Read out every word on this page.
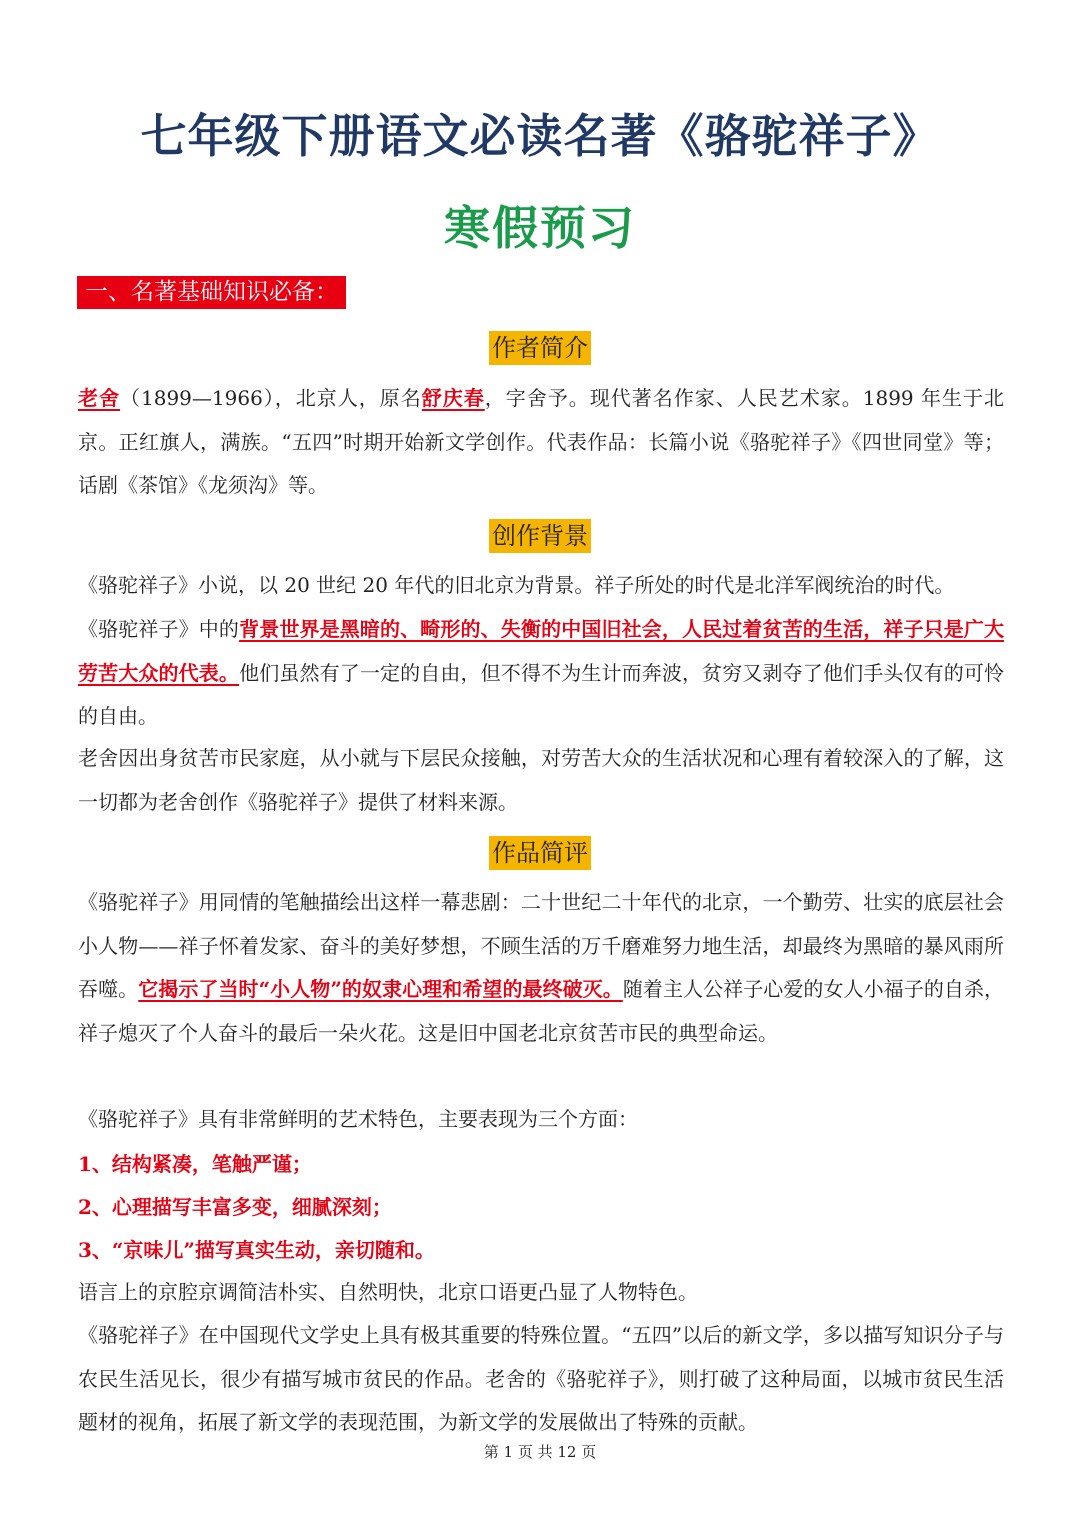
七年级下册语文必读名著《骆驼祥子》
寒假预习
一、名著基础知识必备：
作者简介

老舍（1899—1966），北京人，原名舒庆春，字舍予。现代著名作家、人民艺术家。1899 年生于北京。正红旗人，满族。“五四”时期开始新文学创作。代表作品：长篇小说《骆驼祥子》《四世同堂》等；话剧《茶馆》《龙须沟》等。

创作背景

《骆驼祥子》小说，以 20 世纪 20 年代的旧北京为背景。祥子所处的时代是北洋军阀统治的时代。

《骆驼祥子》中的背景世界是黑暗的、畸形的、失衡的中国旧社会，人民过着贫苦的生活，祥子只是广大劳苦大众的代表。他们虽然有了一定的自由，但不得不为生计而奔波，贫穷又剥夺了他们手头仅有的可怜的自由。

老舍因出身贫苦市民家庭，从小就与下层民众接触，对劳苦大众的生活状况和心理有着较深入的了解，这一切都为老舍创作《骆驼祥子》提供了材料来源。

作品简评

《骆驼祥子》用同情的笔触描绘出这样一幕悲剧：二十世纪二十年代的北京，一个勤劳、壮实的底层社会小人物——祥子怀着发家、奋斗的美好梦想，不顾生活的万千磨难努力地生活，却最终为黑暗的暴风雨所吞噬。它揭示了当时“小人物”的奴隶心理和希望的最终破灭。随着主人公祥子心爱的女人小福子的自杀，祥子熄灭了个人奋斗的最后一朵火花。这是旧中国老北京贫苦市民的典型命运。

《骆驼祥子》具有非常鲜明的艺术特色，主要表现为三个方面：

1、结构紧凑，笔触严谨；
2、心理描写丰富多变，细腻深刻；
3、“京味儿”描写真实生动，亲切随和。

语言上的京腔京调简洁朴实、自然明快，北京口语更凸显了人物特色。

《骆驼祥子》在中国现代文学史上具有极其重要的特殊位置。“五四”以后的新文学，多以描写知识分子与农民生活见长，很少有描写城市贫民的作品。老舍的《骆驼祥子》，则打破了这种局面，以城市贫民生活题材的视角，拓展了新文学的表现范围，为新文学的发展做出了特殊的贡献。

第 1 页 共 12 页
